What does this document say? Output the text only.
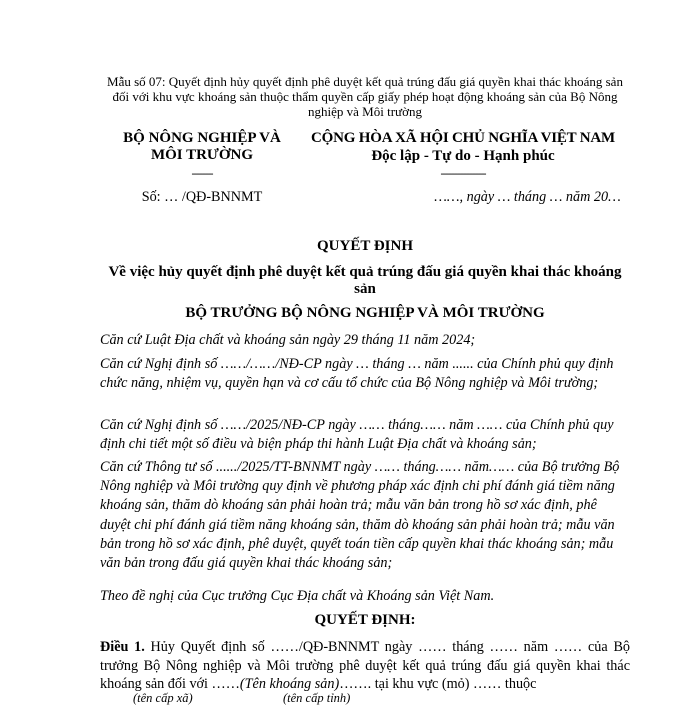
Mẫu số 07: Quyết định hủy quyết định phê duyệt kết quả trúng đấu giá quyền khai thác khoáng sản đối với khu vực khoáng sản thuộc thẩm quyền cấp giấy phép hoạt động khoáng sản của Bộ Nông nghiệp và Môi trường
BỘ NÔNG NGHIỆP VÀ
MÔI TRƯỜNG
-------
CỘNG HÒA XÃ HỘI CHỦ NGHĨA VIỆT NAM
Độc lập - Tự do - Hạnh phúc
---------------
Số: … /QĐ-BNNMT	……, ngày … tháng … năm 20…
QUYẾT ĐỊNH
Về việc hủy quyết định phê duyệt kết quả trúng đấu giá quyền khai thác khoáng sản
BỘ TRƯỞNG BỘ NÔNG NGHIỆP VÀ MÔI TRƯỜNG
Căn cứ Luật Địa chất và khoáng sản ngày 29 tháng 11 năm 2024;
Căn cứ Nghị định số ……/……/NĐ-CP ngày … tháng … năm ...... của Chính phủ quy định chức năng, nhiệm vụ, quyền hạn và cơ cấu tổ chức của Bộ Nông nghiệp và Môi trường;
Căn cứ Nghị định số ……/2025/NĐ-CP ngày …… tháng…… năm …… của Chính phủ quy định chi tiết một số điều và biện pháp thi hành Luật Địa chất và khoáng sản;
Căn cứ Thông tư số ....../2025/TT-BNNMT ngày …… tháng…… năm…… của Bộ trưởng Bộ Nông nghiệp và Môi trường quy định về phương pháp xác định chi phí đánh giá tiềm năng khoáng sản, thăm dò khoáng sản phải hoàn trả; mẫu văn bản trong hồ sơ xác định, phê duyệt chi phí đánh giá tiềm năng khoáng sản, thăm dò khoáng sản phải hoàn trả; mẫu văn bản trong hồ sơ xác định, phê duyệt, quyết toán tiền cấp quyền khai thác khoáng sản; mẫu văn bản trong đấu giá quyền khai thác khoáng sản;
Theo đề nghị của Cục trưởng Cục Địa chất và Khoáng sản Việt Nam.
QUYẾT ĐỊNH:
Điều 1. Hủy Quyết định số ……/QĐ-BNNMT ngày …… tháng …… năm …… của Bộ trưởng Bộ Nông nghiệp và Môi trường phê duyệt kết quả trúng đấu giá quyền khai thác khoáng sản đối với ……(Tên khoáng sản)……. tại khu vực (mỏ) …… thuộc
(tên cấp xã)	(tên cấp tỉnh)
